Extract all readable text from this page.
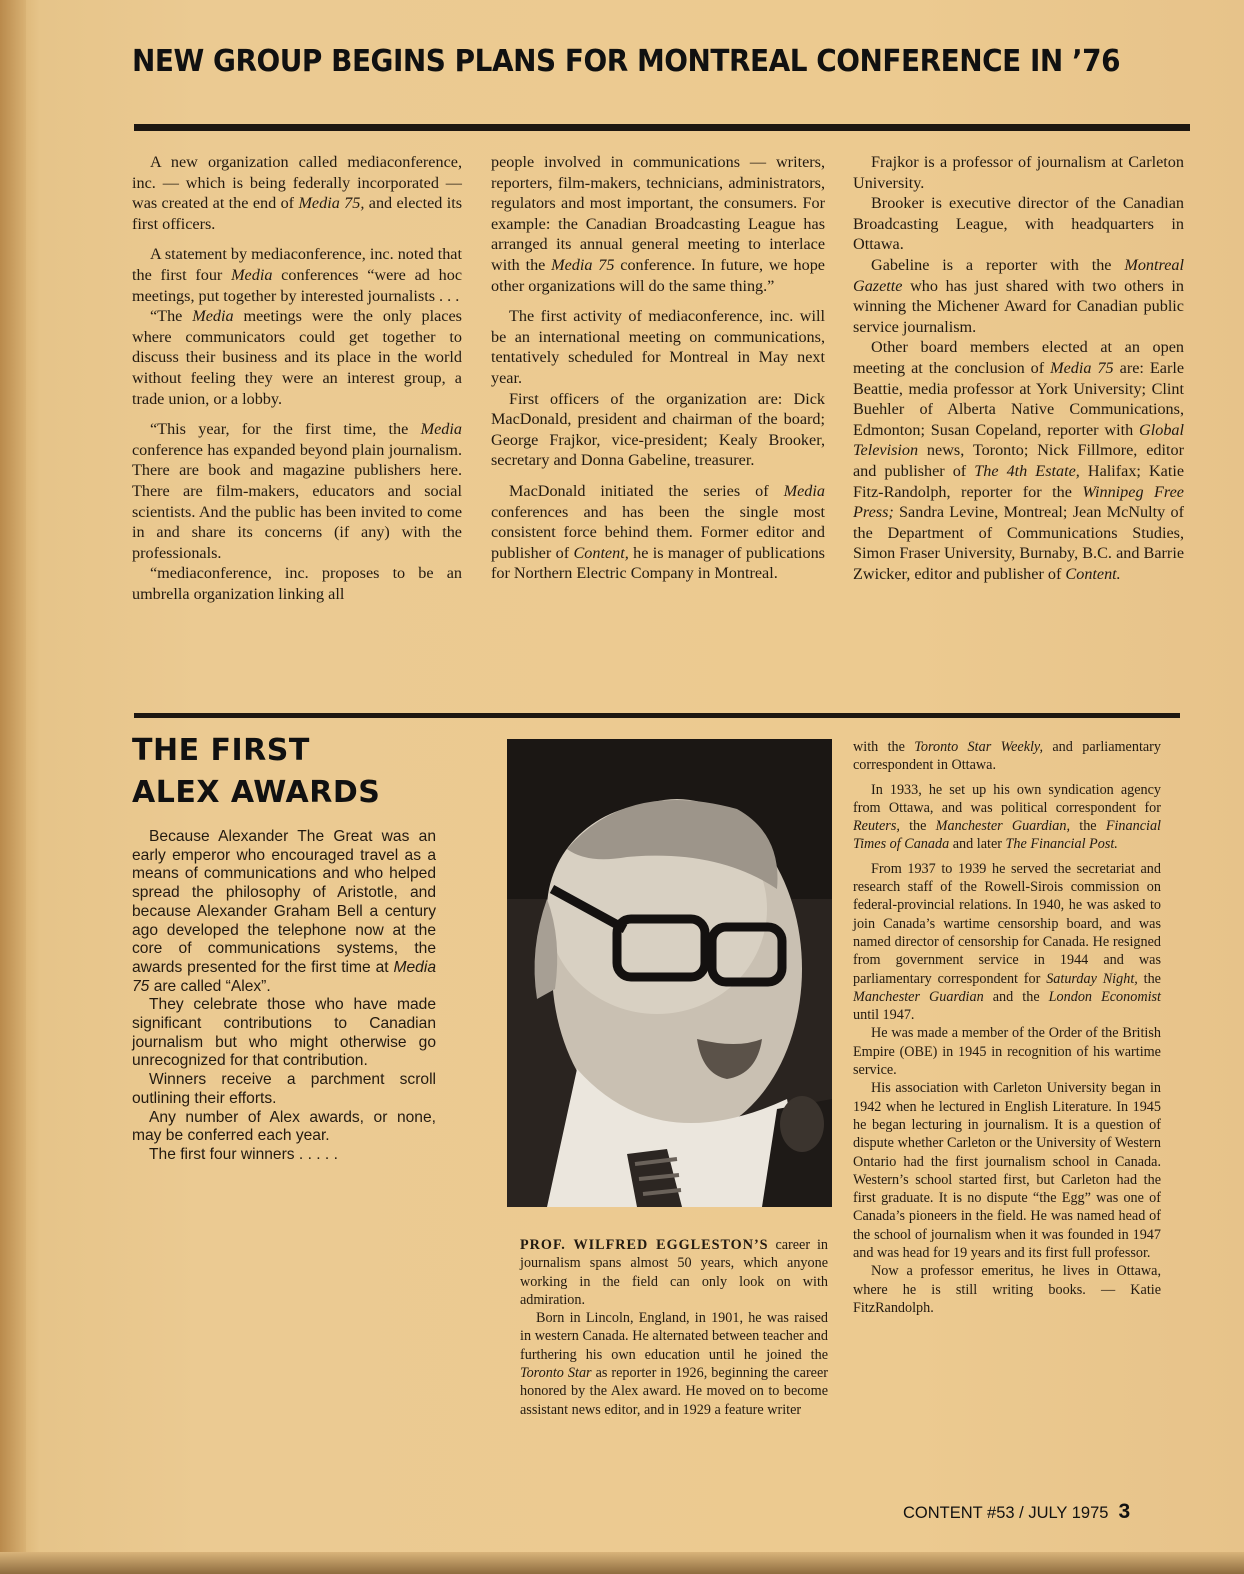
NEW GROUP BEGINS PLANS FOR MONTREAL CONFERENCE IN ’76

A new organization called mediaconference, inc. — which is being federally incorporated — was created at the end of Media 75, and elected its first officers.

A statement by mediaconference, inc. noted that the first four Media conferences “were ad hoc meetings, put together by interested journalists . . .

“The Media meetings were the only places where communicators could get together to discuss their business and its place in the world without feeling they were an interest group, a trade union, or a lobby.

“This year, for the first time, the Media conference has expanded beyond plain journalism. There are book and magazine publishers here. There are film-makers, educators and social scientists. And the public has been invited to come in and share its concerns (if any) with the professionals.

“mediaconference, inc. proposes to be an umbrella organization linking all

people involved in communications — writers, reporters, film-makers, technicians, administrators, regulators and most important, the consumers. For example: the Canadian Broadcasting League has arranged its annual general meeting to interlace with the Media 75 conference. In future, we hope other organizations will do the same thing.”

The first activity of mediaconference, inc. will be an international meeting on communications, tentatively scheduled for Montreal in May next year.

First officers of the organization are: Dick MacDonald, president and chairman of the board; George Frajkor, vice-president; Kealy Brooker, secretary and Donna Gabeline, treasurer.

MacDonald initiated the series of Media conferences and has been the single most consistent force behind them. Former editor and publisher of Content, he is manager of publications for Northern Electric Company in Montreal.

Frajkor is a professor of journalism at Carleton University.

Brooker is executive director of the Canadian Broadcasting League, with headquarters in Ottawa.

Gabeline is a reporter with the Montreal Gazette who has just shared with two others in winning the Michener Award for Canadian public service journalism.

Other board members elected at an open meeting at the conclusion of Media 75 are: Earle Beattie, media professor at York University; Clint Buehler of Alberta Native Communications, Edmonton; Susan Copeland, reporter with Global Television news, Toronto; Nick Fillmore, editor and publisher of The 4th Estate, Halifax; Katie Fitz-Randolph, reporter for the Winnipeg Free Press; Sandra Levine, Montreal; Jean McNulty of the Department of Communications Studies, Simon Fraser University, Burnaby, B.C. and Barrie Zwicker, editor and publisher of Content.

THE FIRST
ALEX AWARDS

Because Alexander The Great was an early emperor who encouraged travel as a means of communications and who helped spread the philosophy of Aristotle, and because Alexander Graham Bell a century ago developed the telephone now at the core of communications systems, the awards presented for the first time at Media 75 are called “Alex”.

They celebrate those who have made significant contributions to Canadian journalism but who might otherwise go unrecognized for that contribution.

Winners receive a parchment scroll outlining their efforts.

Any number of Alex awards, or none, may be conferred each year.

The first four winners . . . . .

PROF. WILFRED EGGLESTON’S career in journalism spans almost 50 years, which anyone working in the field can only look on with admiration.

Born in Lincoln, England, in 1901, he was raised in western Canada. He alternated between teacher and furthering his own education until he joined the Toronto Star as reporter in 1926, beginning the career honored by the Alex award. He moved on to become assistant news editor, and in 1929 a feature writer

with the Toronto Star Weekly, and parliamentary correspondent in Ottawa.

In 1933, he set up his own syndication agency from Ottawa, and was political correspondent for Reuters, the Manchester Guardian, the Financial Times of Canada and later The Financial Post.

From 1937 to 1939 he served the secretariat and research staff of the Rowell-Sirois commission on federal-provincial relations. In 1940, he was asked to join Canada’s wartime censorship board, and was named director of censorship for Canada. He resigned from government service in 1944 and was parliamentary correspondent for Saturday Night, the Manchester Guardian and the London Economist until 1947.

He was made a member of the Order of the British Empire (OBE) in 1945 in recognition of his wartime service.

His association with Carleton University began in 1942 when he lectured in English Literature. In 1945 he began lecturing in journalism. It is a question of dispute whether Carleton or the University of Western Ontario had the first journalism school in Canada. Western’s school started first, but Carleton had the first graduate. It is no dispute “the Egg” was one of Canada’s pioneers in the field. He was named head of the school of journalism when it was founded in 1947 and was head for 19 years and its first full professor.

Now a professor emeritus, he lives in Ottawa, where he is still writing books. — Katie FitzRandolph.

CONTENT #53 / JULY 1975 3
